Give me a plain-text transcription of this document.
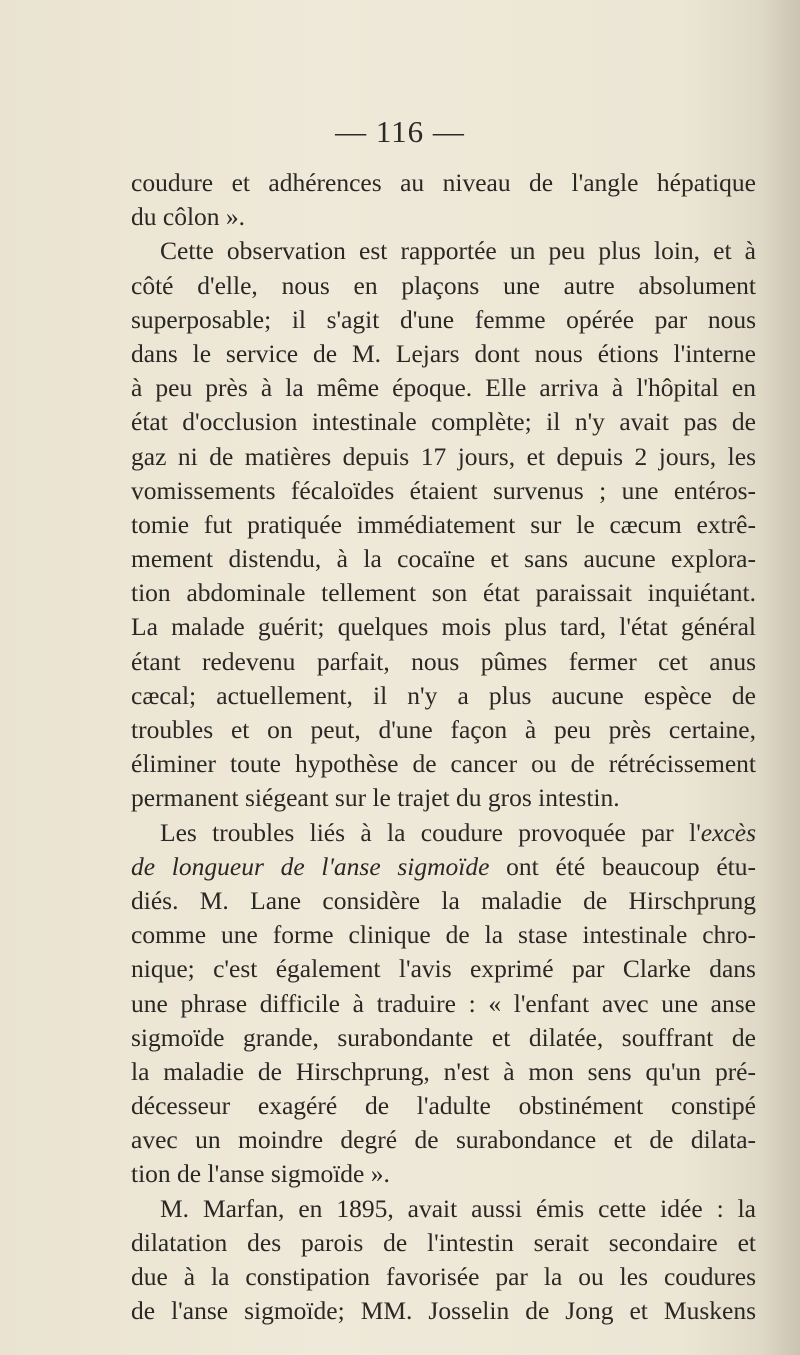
— 116 —
coudure et adhérences au niveau de l'angle hépatique
du côlon ».
Cette observation est rapportée un peu plus loin, et à
côté d'elle, nous en plaçons une autre absolument
superposable; il s'agit d'une femme opérée par nous
dans le service de M. Lejars dont nous étions l'interne
à peu près à la même époque. Elle arriva à l'hôpital en
état d'occlusion intestinale complète; il n'y avait pas de
gaz ni de matières depuis 17 jours, et depuis 2 jours, les
vomissements fécaloïdes étaient survenus ; une entéros-
tomie fut pratiquée immédiatement sur le cæcum extrê-
mement distendu, à la cocaïne et sans aucune explora-
tion abdominale tellement son état paraissait inquiétant.
La malade guérit; quelques mois plus tard, l'état général
étant redevenu parfait, nous pûmes fermer cet anus
cæcal; actuellement, il n'y a plus aucune espèce de
troubles et on peut, d'une façon à peu près certaine,
éliminer toute hypothèse de cancer ou de rétrécissement
permanent siégeant sur le trajet du gros intestin.
Les troubles liés à la coudure provoquée par l'excès
de longueur de l'anse sigmoïde ont été beaucoup étu-
diés. M. Lane considère la maladie de Hirschprung
comme une forme clinique de la stase intestinale chro-
nique; c'est également l'avis exprimé par Clarke dans
une phrase difficile à traduire : « l'enfant avec une anse
sigmoïde grande, surabondante et dilatée, souffrant de
la maladie de Hirschprung, n'est à mon sens qu'un pré-
décesseur exagéré de l'adulte obstinément constipé
avec un moindre degré de surabondance et de dilata-
tion de l'anse sigmoïde ».
M. Marfan, en 1895, avait aussi émis cette idée : la
dilatation des parois de l'intestin serait secondaire et
due à la constipation favorisée par la ou les coudures
de l'anse sigmoïde; MM. Josselin de Jong et Muskens
